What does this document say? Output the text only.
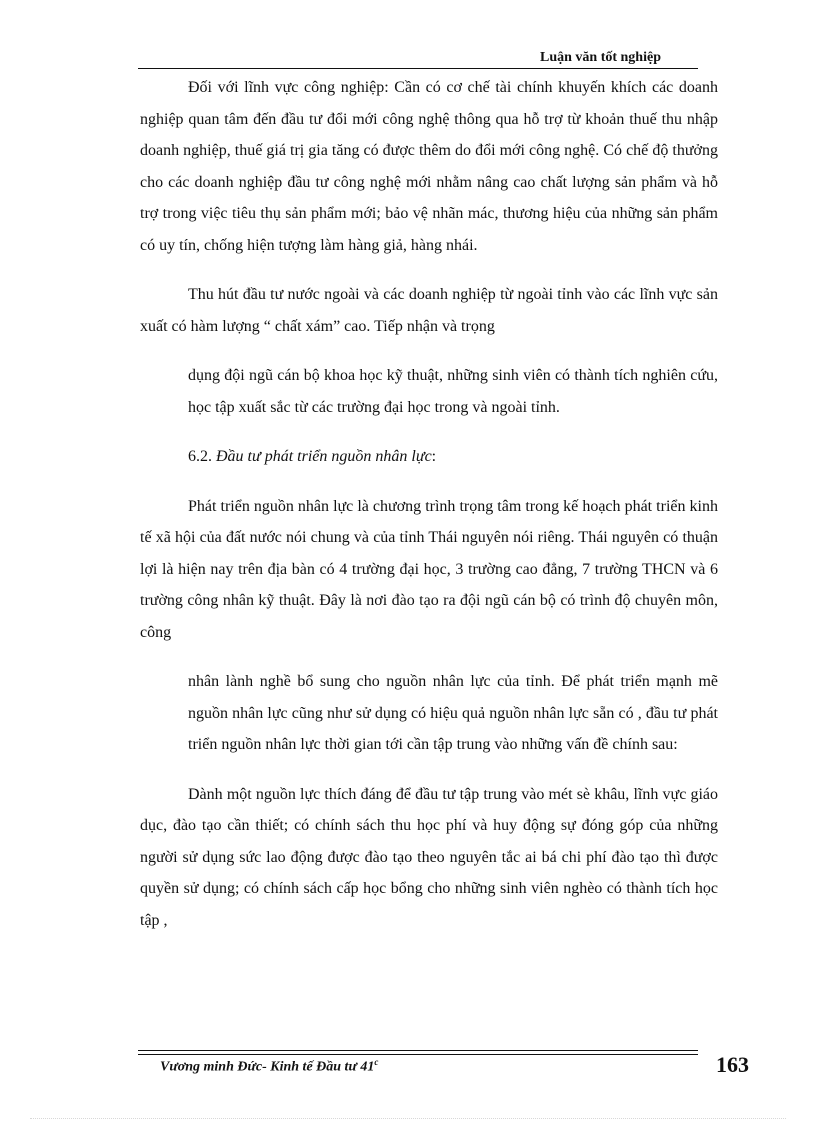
Luận văn tốt nghiệp

Đối với lĩnh vực công nghiệp: Cần có cơ chế tài chính khuyến khích các doanh nghiệp quan tâm đến đầu tư đổi mới công nghệ thông qua hỗ trợ từ khoản thuế thu nhập doanh nghiệp, thuế giá trị gia tăng có được thêm do đổi mới công nghệ. Có chế độ thưởng cho các doanh nghiệp đầu tư công nghệ mới nhằm nâng cao chất lượng sản phẩm và hỗ trợ trong việc tiêu thụ sản phẩm mới; bảo vệ nhãn mác, thương hiệu của những sản phẩm có uy tín, chống hiện tượng làm hàng giả, hàng nhái.

Thu hút đầu tư nước ngoài và các doanh nghiệp từ ngoài tỉnh vào các lĩnh vực sản xuất có hàm lượng “ chất xám” cao. Tiếp nhận và trọng

dụng đội ngũ cán bộ khoa học kỹ thuật, những sinh viên có thành tích nghiên cứu, học tập xuất sắc từ các trường đại học trong và ngoài tỉnh.

6.2. Đầu tư phát triển nguồn nhân lực:

Phát triển nguồn nhân lực là chương trình trọng tâm trong kế hoạch phát triển kinh tế xã hội của đất nước nói chung và của tỉnh Thái nguyên nói riêng. Thái nguyên có thuận lợi là hiện nay trên địa bàn có 4 trường đại học, 3 trường cao đẳng, 7 trường THCN và 6 trường công nhân kỹ thuật. Đây là nơi đào tạo ra đội ngũ cán bộ có trình độ chuyên môn, công

nhân lành nghề bổ sung cho nguồn nhân lực của tỉnh. Để phát triển mạnh mẽ nguồn nhân lực cũng như sử dụng có hiệu quả nguồn nhân lực sẵn có , đầu tư phát triển nguồn nhân lực thời gian tới cần tập trung vào những vấn đề chính sau:

Dành một nguồn lực thích đáng để đầu tư tập trung vào mét sè khâu, lĩnh vực giáo dục, đào tạo cần thiết; có chính sách thu học phí và huy động sự đóng góp của những người sử dụng sức lao động được đào tạo theo nguyên tắc ai bá chi phí đào tạo thì được quyền sử dụng; có chính sách cấp học bổng cho những sinh viên nghèo có thành tích học tập ,

Vương minh Đức- Kinh tế Đầu tư 41$^c$	163
